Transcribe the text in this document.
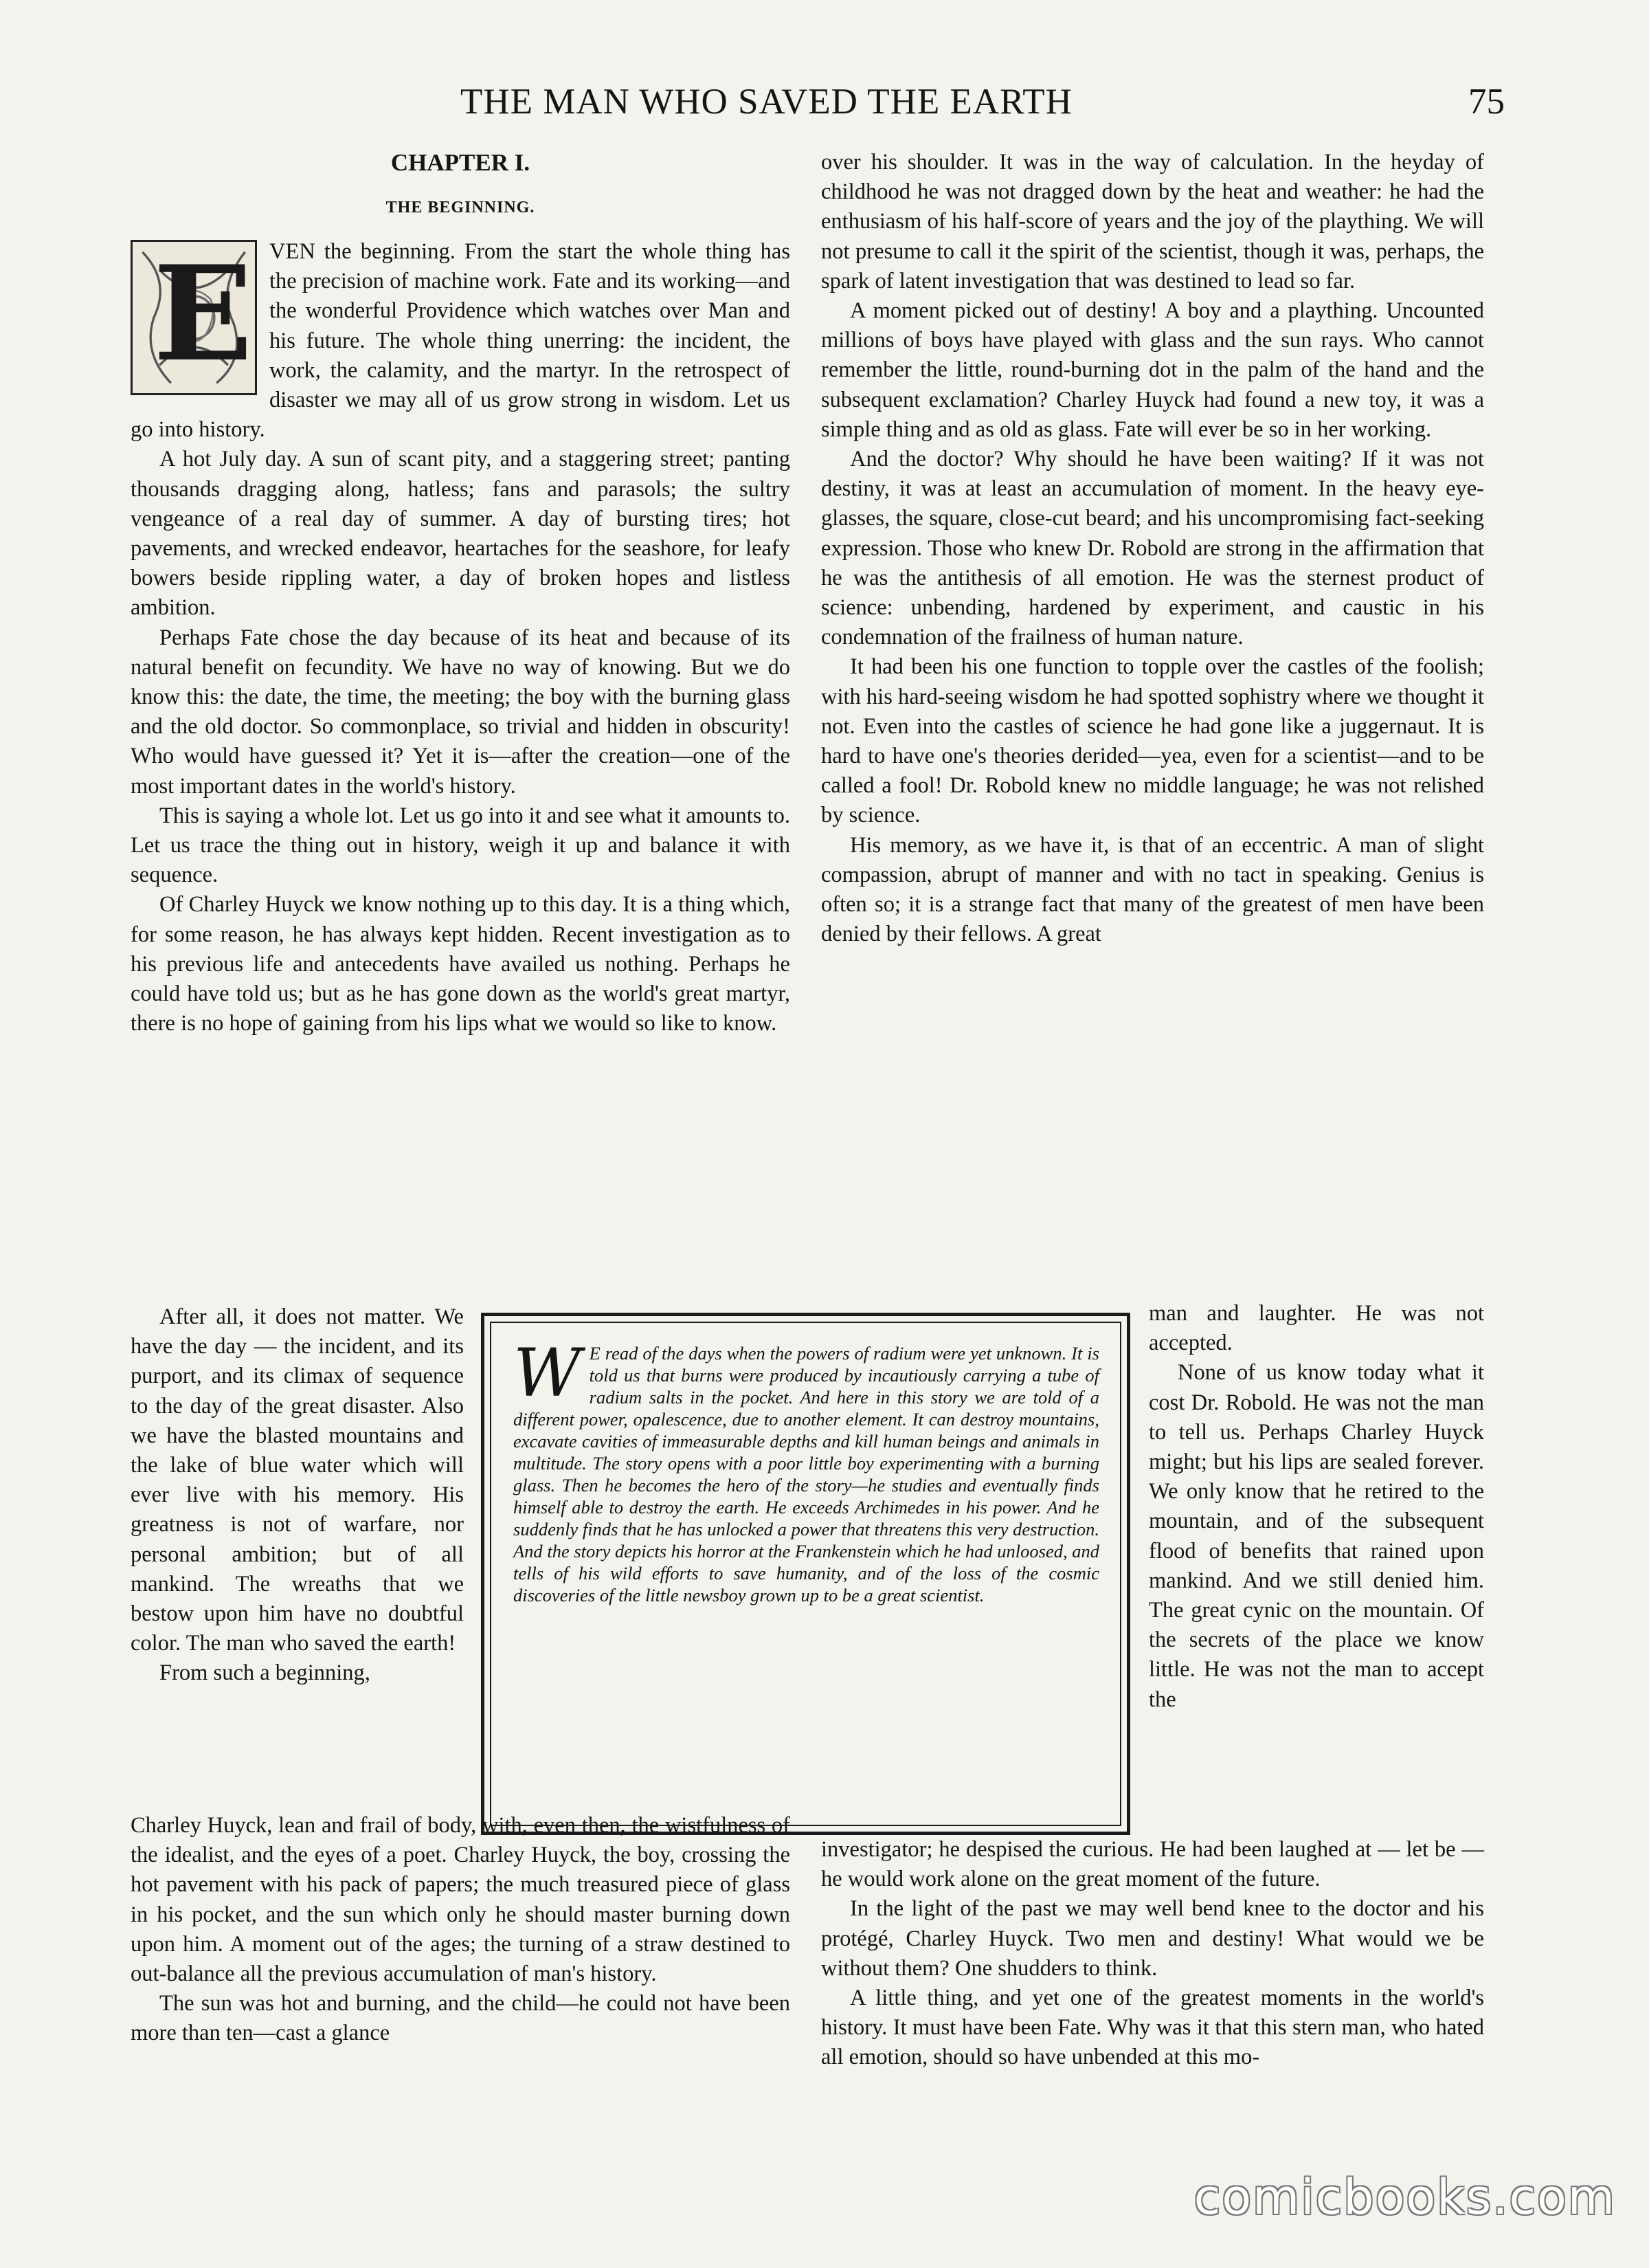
THE MAN WHO SAVED THE EARTH	75
CHAPTER I.
THE BEGINNING.
E VEN the beginning. From the start the whole thing has the precision of machine work. Fate and its working—and the wonderful Providence which watches over Man and his future. The whole thing unerring: the incident, the work, the calamity, and the martyr. In the retrospect of disaster we may all of us grow strong in wisdom. Let us go into history.

A hot July day. A sun of scant pity, and a staggering street; panting thousands dragging along, hatless; fans and parasols; the sultry vengeance of a real day of summer. A day of bursting tires; hot pavements, and wrecked endeavor, heartaches for the seashore, for leafy bowers beside rippling water, a day of broken hopes and listless ambition.

Perhaps Fate chose the day because of its heat and because of its natural benefit on fecundity. We have no way of knowing. But we do know this: the date, the time, the meeting; the boy with the burning glass and the old doctor. So commonplace, so trivial and hidden in obscurity! Who would have guessed it? Yet it is—after the creation—one of the most important dates in the world's history.

This is saying a whole lot. Let us go into it and see what it amounts to. Let us trace the thing out in history, weigh it up and balance it with sequence.

Of Charley Huyck we know nothing up to this day. It is a thing which, for some reason, he has always kept hidden. Recent investigation as to his previous life and antecedents have availed us nothing. Perhaps he could have told us; but as he has gone down as the world's great martyr, there is no hope of gaining from his lips what we would so like to know.

After all, it does not matter. We have the day — the incident, and its purport, and its climax of sequence to the day of the great disaster. Also we have the blasted mountains and the lake of blue water which will ever live with his memory. His greatness is not of warfare, nor personal ambition; but of all mankind. The wreaths that we bestow upon him have no doubtful color. The man who saved the earth!

From such a beginning,

W E read of the days when the powers of radium were yet unknown. It is told us that burns were produced by incautiously carrying a tube of radium salts in the pocket. And here in this story we are told of a different power, opalescence, due to another element. It can destroy mountains, excavate cavities of immeasurable depths and kill human beings and animals in multitude. The story opens with a poor little boy experimenting with a burning glass. Then he becomes the hero of the story—he studies and eventually finds himself able to destroy the earth. He exceeds Archimedes in his power. And he suddenly finds that he has unlocked a power that threatens this very destruction. And the story depicts his horror at the Frankenstein which he had unloosed, and tells of his wild efforts to save humanity, and of the loss of the cosmic discoveries of the little newsboy grown up to be a great scientist.

Charley Huyck, lean and frail of body, with, even then, the wistfulness of the idealist, and the eyes of a poet. Charley Huyck, the boy, crossing the hot pavement with his pack of papers; the much treasured piece of glass in his pocket, and the sun which only he should master burning down upon him. A moment out of the ages; the turning of a straw destined to out-balance all the previous accumulation of man's history.

The sun was hot and burning, and the child—he could not have been more than ten—cast a glance

over his shoulder. It was in the way of calculation. In the heyday of childhood he was not dragged down by the heat and weather: he had the enthusiasm of his half-score of years and the joy of the plaything. We will not presume to call it the spirit of the scientist, though it was, perhaps, the spark of latent investigation that was destined to lead so far.

A moment picked out of destiny! A boy and a plaything. Uncounted millions of boys have played with glass and the sun rays. Who cannot remember the little, round-burning dot in the palm of the hand and the subsequent exclamation? Charley Huyck had found a new toy, it was a simple thing and as old as glass. Fate will ever be so in her working.

And the doctor? Why should he have been waiting? If it was not destiny, it was at least an accumulation of moment. In the heavy eye-glasses, the square, close-cut beard; and his uncompromising fact-seeking expression. Those who knew Dr. Robold are strong in the affirmation that he was the antithesis of all emotion. He was the sternest product of science: unbending, hardened by experiment, and caustic in his condemnation of the frailness of human nature.

It had been his one function to topple over the castles of the foolish; with his hard-seeing wisdom he had spotted sophistry where we thought it not. Even into the castles of science he had gone like a juggernaut. It is hard to have one's theories derided—yea, even for a scientist—and to be called a fool! Dr. Robold knew no middle language; he was not relished by science.

His memory, as we have it, is that of an eccentric. A man of slight compassion, abrupt of manner and with no tact in speaking. Genius is often so; it is a strange fact that many of the greatest of men have been denied by their fellows. A great

man and laughter. He was not accepted.

None of us know today what it cost Dr. Robold. He was not the man to tell us. Perhaps Charley Huyck might; but his lips are sealed forever. We only know that he retired to the mountain, and of the subsequent flood of benefits that rained upon mankind. And we still denied him. The great cynic on the mountain. Of the secrets of the place we know little. He was not the man to accept the

investigator; he despised the curious. He had been laughed at — let be — he would work alone on the great moment of the future.

In the light of the past we may well bend knee to the doctor and his protégé, Charley Huyck. Two men and destiny! What would we be without them? One shudders to think.

A little thing, and yet one of the greatest moments in the world's history. It must have been Fate. Why was it that this stern man, who hated all emotion, should so have unbended at this mo-

comicbooks.com
